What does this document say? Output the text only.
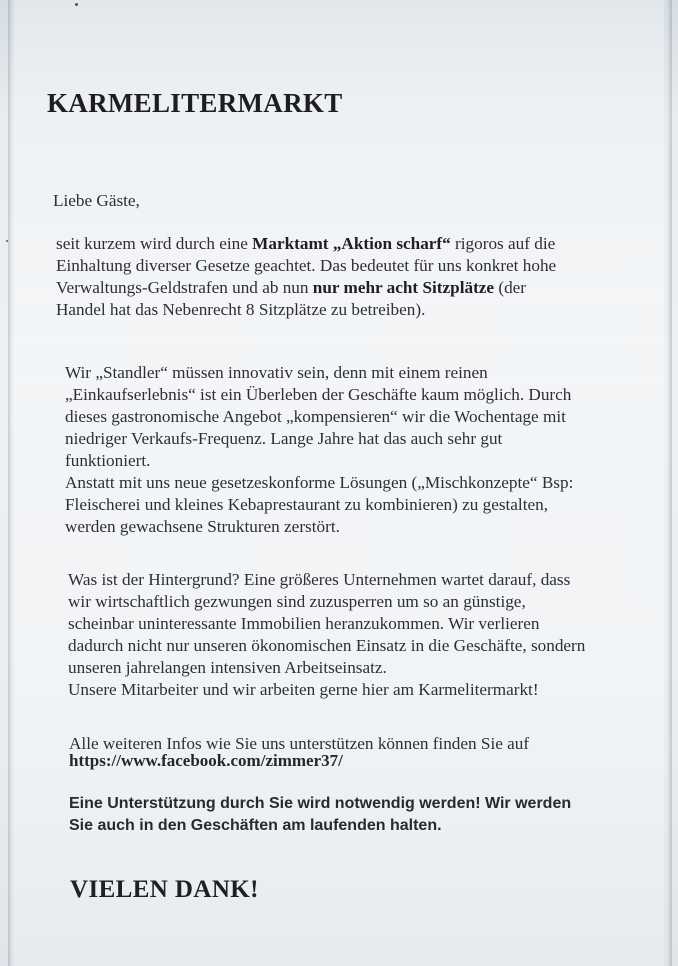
KARMELITERMARKT

Liebe Gäste,

seit kurzem wird durch eine Marktamt „Aktion scharf“ rigoros auf die

Einhaltung diverser Gesetze geachtet. Das bedeutet für uns konkret hohe

Verwaltungs-Geldstrafen und ab nun nur mehr acht Sitzplätze (der

Handel hat das Nebenrecht 8 Sitzplätze zu betreiben).

Wir „Standler“ müssen innovativ sein, denn mit einem reinen

„Einkaufserlebnis“ ist ein Überleben der Geschäfte kaum möglich. Durch

dieses gastronomische Angebot „kompensieren“ wir die Wochentage mit

niedriger Verkaufs-Frequenz. Lange Jahre hat das auch sehr gut

funktioniert.

Anstatt mit uns neue gesetzeskonforme Lösungen („Mischkonzepte“ Bsp:

Fleischerei und kleines Kebaprestaurant zu kombinieren) zu gestalten,

werden gewachsene Strukturen zerstört.

Was ist der Hintergrund? Eine größeres Unternehmen wartet darauf, dass

wir wirtschaftlich gezwungen sind zuzusperren um so an günstige,

scheinbar uninteressante Immobilien heranzukommen. Wir verlieren

dadurch nicht nur unseren ökonomischen Einsatz in die Geschäfte, sondern

unseren jahrelangen intensiven Arbeitseinsatz.

Unsere Mitarbeiter und wir arbeiten gerne hier am Karmelitermarkt!

Alle weiteren Infos wie Sie uns unterstützen können finden Sie auf

https://www.facebook.com/zimmer37/

Eine Unterstützung durch Sie wird notwendig werden! Wir werden

Sie auch in den Geschäften am laufenden halten.

VIELEN DANK!
